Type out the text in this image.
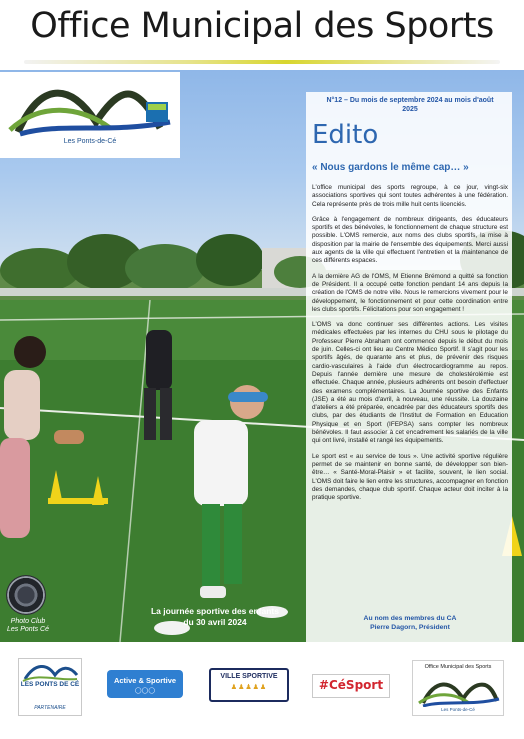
Office Municipal des Sports
Photo Club
Les Ponts Cé
La journée sportive des enfants
du 30 avril 2024
Les Ponts-de-Cé
N°12 – Du mois de septembre 2024 au mois d'août
2025
Edito
« Nous gardons le même cap… »

L'office municipal des sports regroupe, à ce jour, vingt-six associations sportives qui sont toutes adhérentes à une fédération. Cela représente près de trois mille huit cents licenciés.

Grâce à l'engagement de nombreux dirigeants, des éducateurs sportifs et des bénévoles, le fonctionnement de chaque structure est possible. L'OMS remercie, aux noms des clubs sportifs, la mise à disposition par la mairie de l'ensemble des équipements. Merci aussi aux agents de la ville qui effectuent l'entretien et la maintenance de ces différents espaces.

A la dernière AG de l'OMS, M Etienne Brémond a quitté sa fonction de Président. Il a occupé cette fonction pendant 14 ans depuis la création de l'OMS de notre ville. Nous le remercions vivement pour le développement, le fonctionnement et pour cette coordination entre les clubs sportifs. Félicitations pour son engagement !

L'OMS va donc continuer ses différentes actions. Les visites médicales effectuées par les internes du CHU sous le pilotage du Professeur Pierre Abraham ont commencé depuis le début du mois de juin. Celles-ci ont lieu au Centre Médico Sportif. Il s'agit pour les sportifs âgés, de quarante ans et plus, de prévenir des risques cardio-vasculaires à l'aide d'un électrocardiogramme au repos. Depuis l'année dernière une mesure de cholestérolémie est effectuée. Chaque année, plusieurs adhérents ont besoin d'effectuer des examens complémentaires. La Journée sportive des Enfants (JSE) a été au mois d'avril, à nouveau, une réussite. La douzaine d'ateliers a été préparée, encadrée par des éducateurs sportifs des clubs, par des étudiants de l'Institut de Formation en Education Physique et en Sport (IFEPSA) sans compter les nombreux bénévoles. Il faut associer à cet encadrement les salariés de la ville qui ont livré, installé et rangé les équipements.

Le sport est « au service de tous ». Une activité sportive régulière permet de se maintenir en bonne santé, de développer son bien-être… « Santé-Moral-Plaisir » et facilite, souvent, le lien social. L'OMS doit faire le lien entre les structures, accompagner en fonction des demandes, chaque club sportif. Chaque acteur doit inciter à la pratique sportive.

Au nom des membres du CA
Pierre Dagorn, Président
LES PONTS DE CÉ
PARTENAIRE
Active & Sportive
◯◯◯
VILLE SPORTIVE
♟♟♟♟♟	#CéSport
Office Municipal des Sports
Les Ponts-de-Cé
